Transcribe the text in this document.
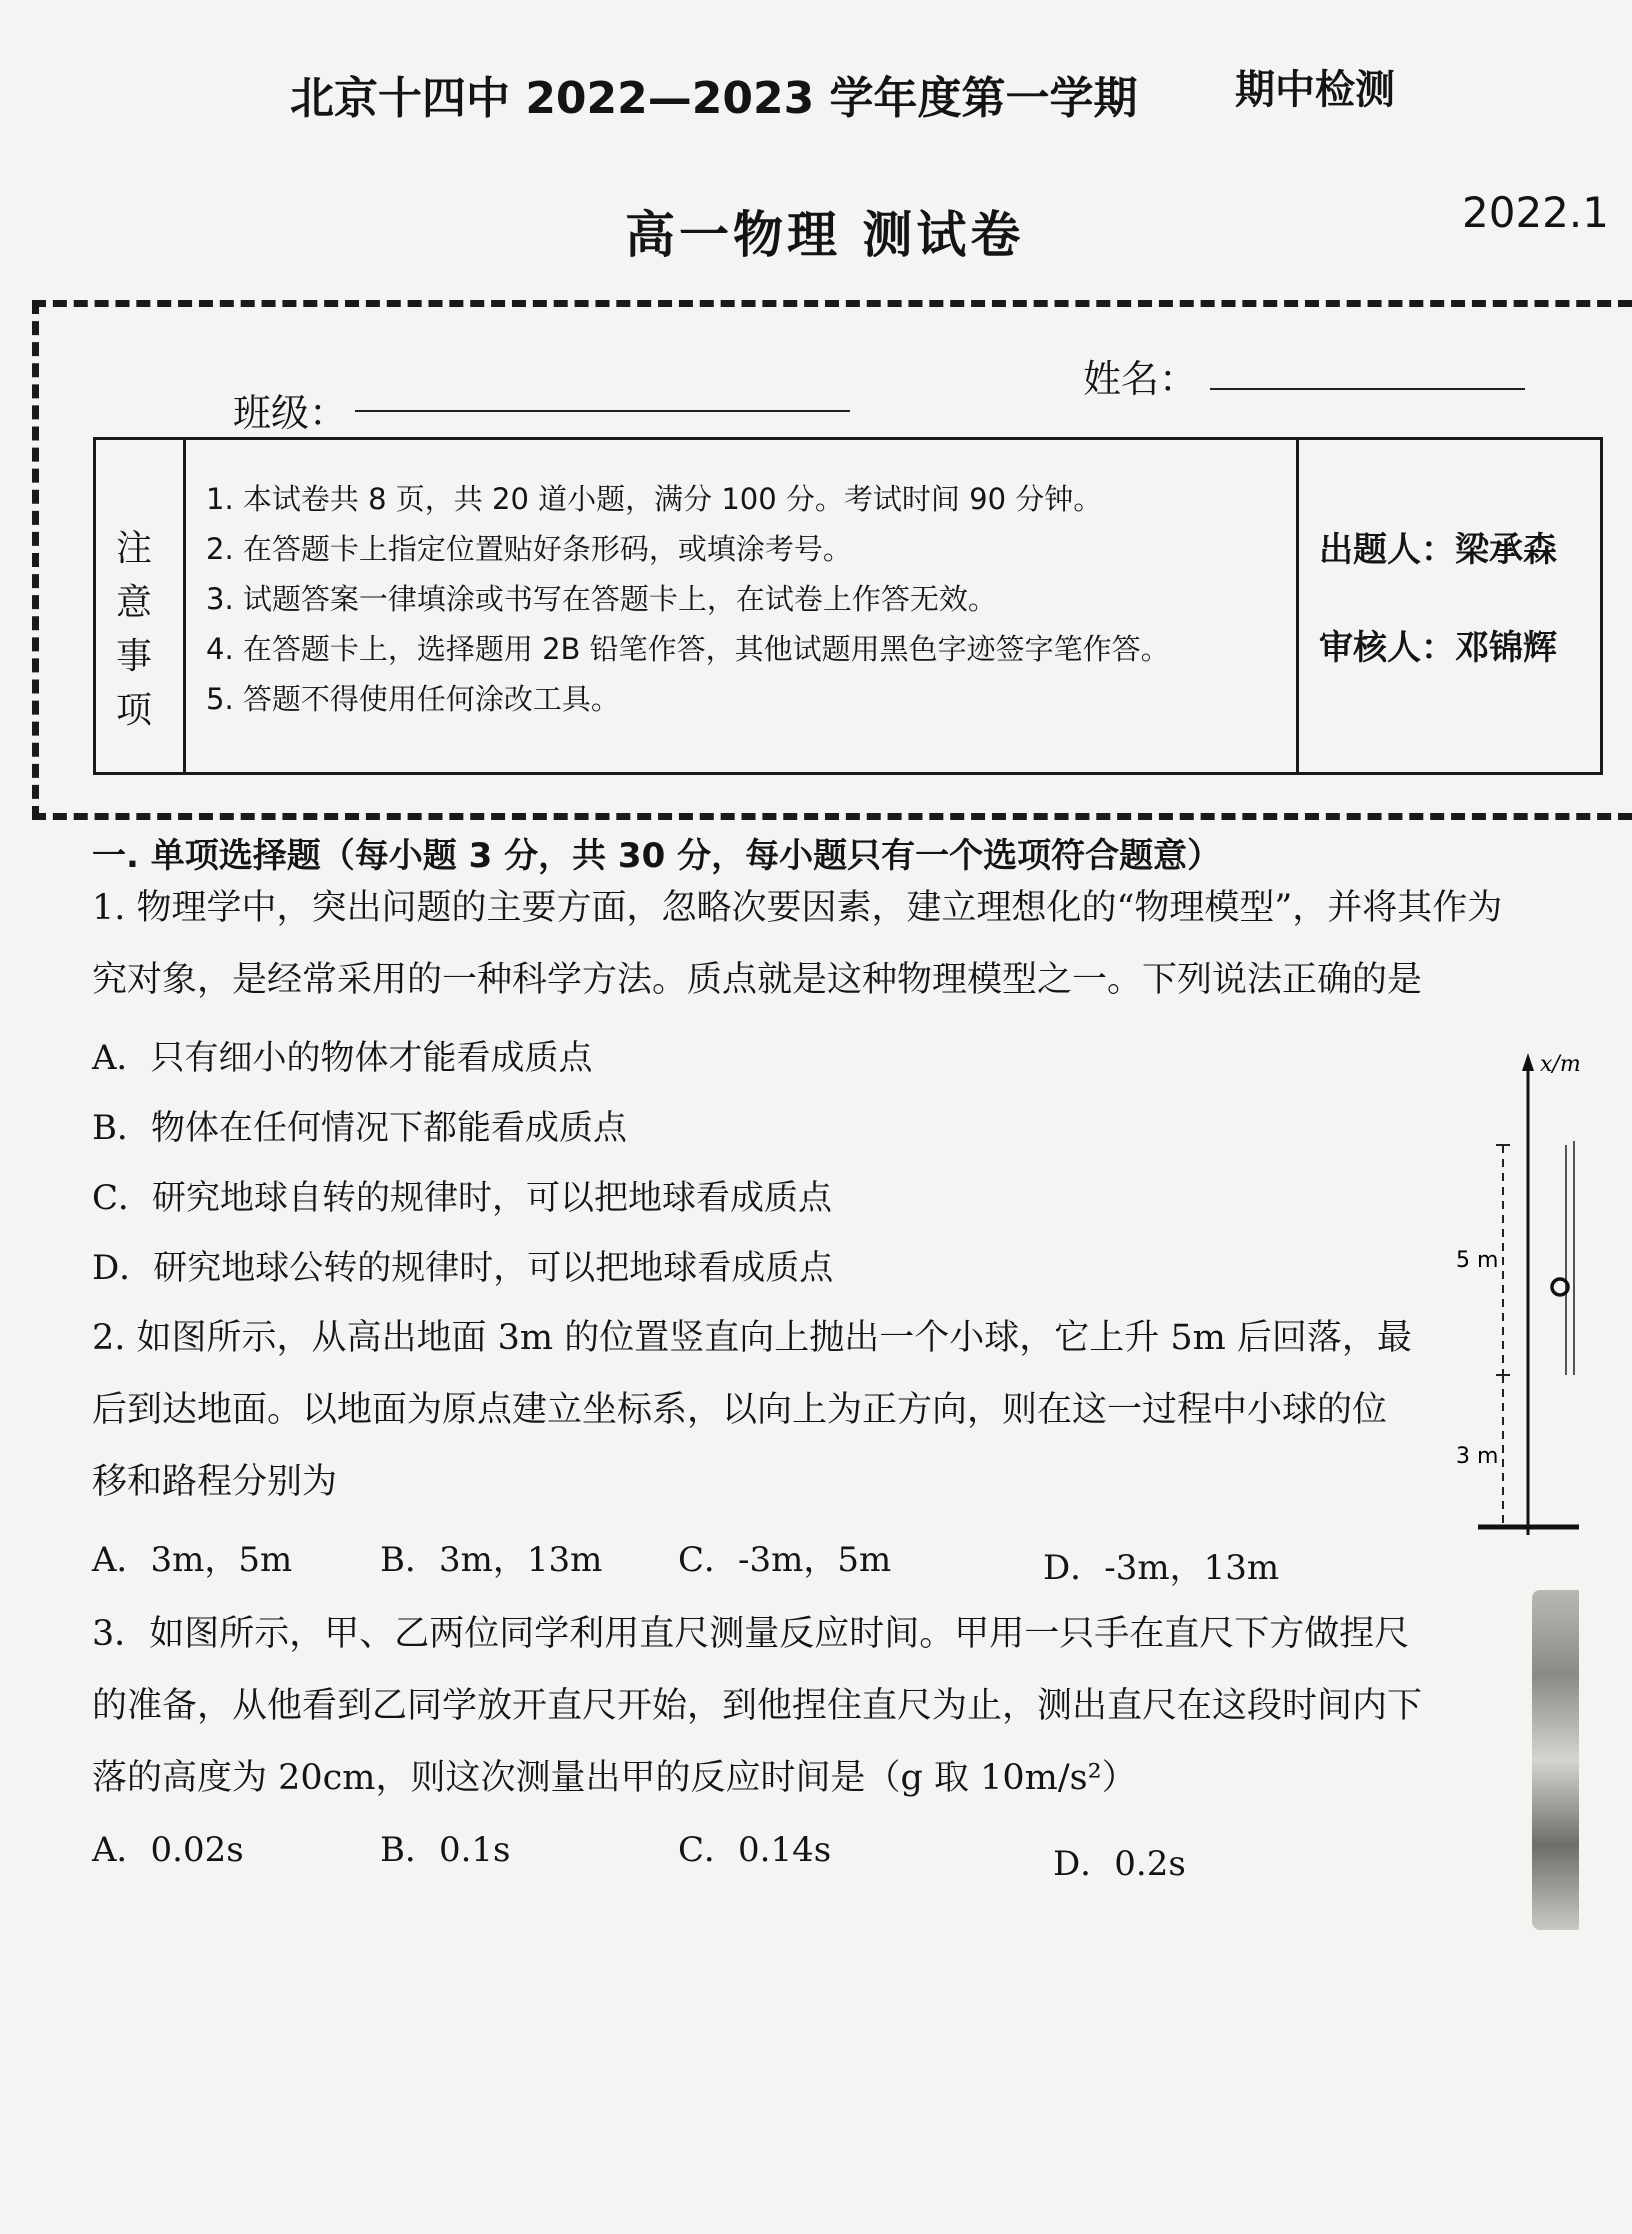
北京十四中 2022—2023 学年度第一学期 期中检测
高一物理 测试卷	2022.1
班级：
姓名：
注意事项
1. 本试卷共 8 页，共 20 道小题，满分 100 分。考试时间 90 分钟。
2. 在答题卡上指定位置贴好条形码，或填涂考号。
3. 试题答案一律填涂或书写在答题卡上，在试卷上作答无效。
4. 在答题卡上，选择题用 2B 铅笔作答，其他试题用黑色字迹签字笔作答。
5. 答题不得使用任何涂改工具。
出题人：梁承森
审核人：邓锦辉
一. 单项选择题（每小题 3 分，共 30 分，每小题只有一个选项符合题意）
1. 物理学中，突出问题的主要方面，忽略次要因素，建立理想化的“物理模型”，并将其作为
究对象，是经常采用的一种科学方法。质点就是这种物理模型之一。下列说法正确的是
A．只有细小的物体才能看成质点
B．物体在任何情况下都能看成质点
C．研究地球自转的规律时，可以把地球看成质点
D．研究地球公转的规律时，可以把地球看成质点
2. 如图所示，从高出地面 3m 的位置竖直向上抛出一个小球，它上升 5m 后回落，最
后到达地面。以地面为原点建立坐标系，以向上为正方向，则在这一过程中小球的位
移和路程分别为
A．3m，5m	B．3m，13m C．-3m，5m	D．-3m，13m
3．如图所示，甲、乙两位同学利用直尺测量反应时间。甲用一只手在直尺下方做捏尺
的准备，从他看到乙同学放开直尺开始，到他捏住直尺为止，测出直尺在这段时间内下
落的高度为 20cm，则这次测量出甲的反应时间是（g 取 10m/s²）
A．0.02s	B．0.1s	C．0.14s	D．0.2s
x/m
5 m
3 m
